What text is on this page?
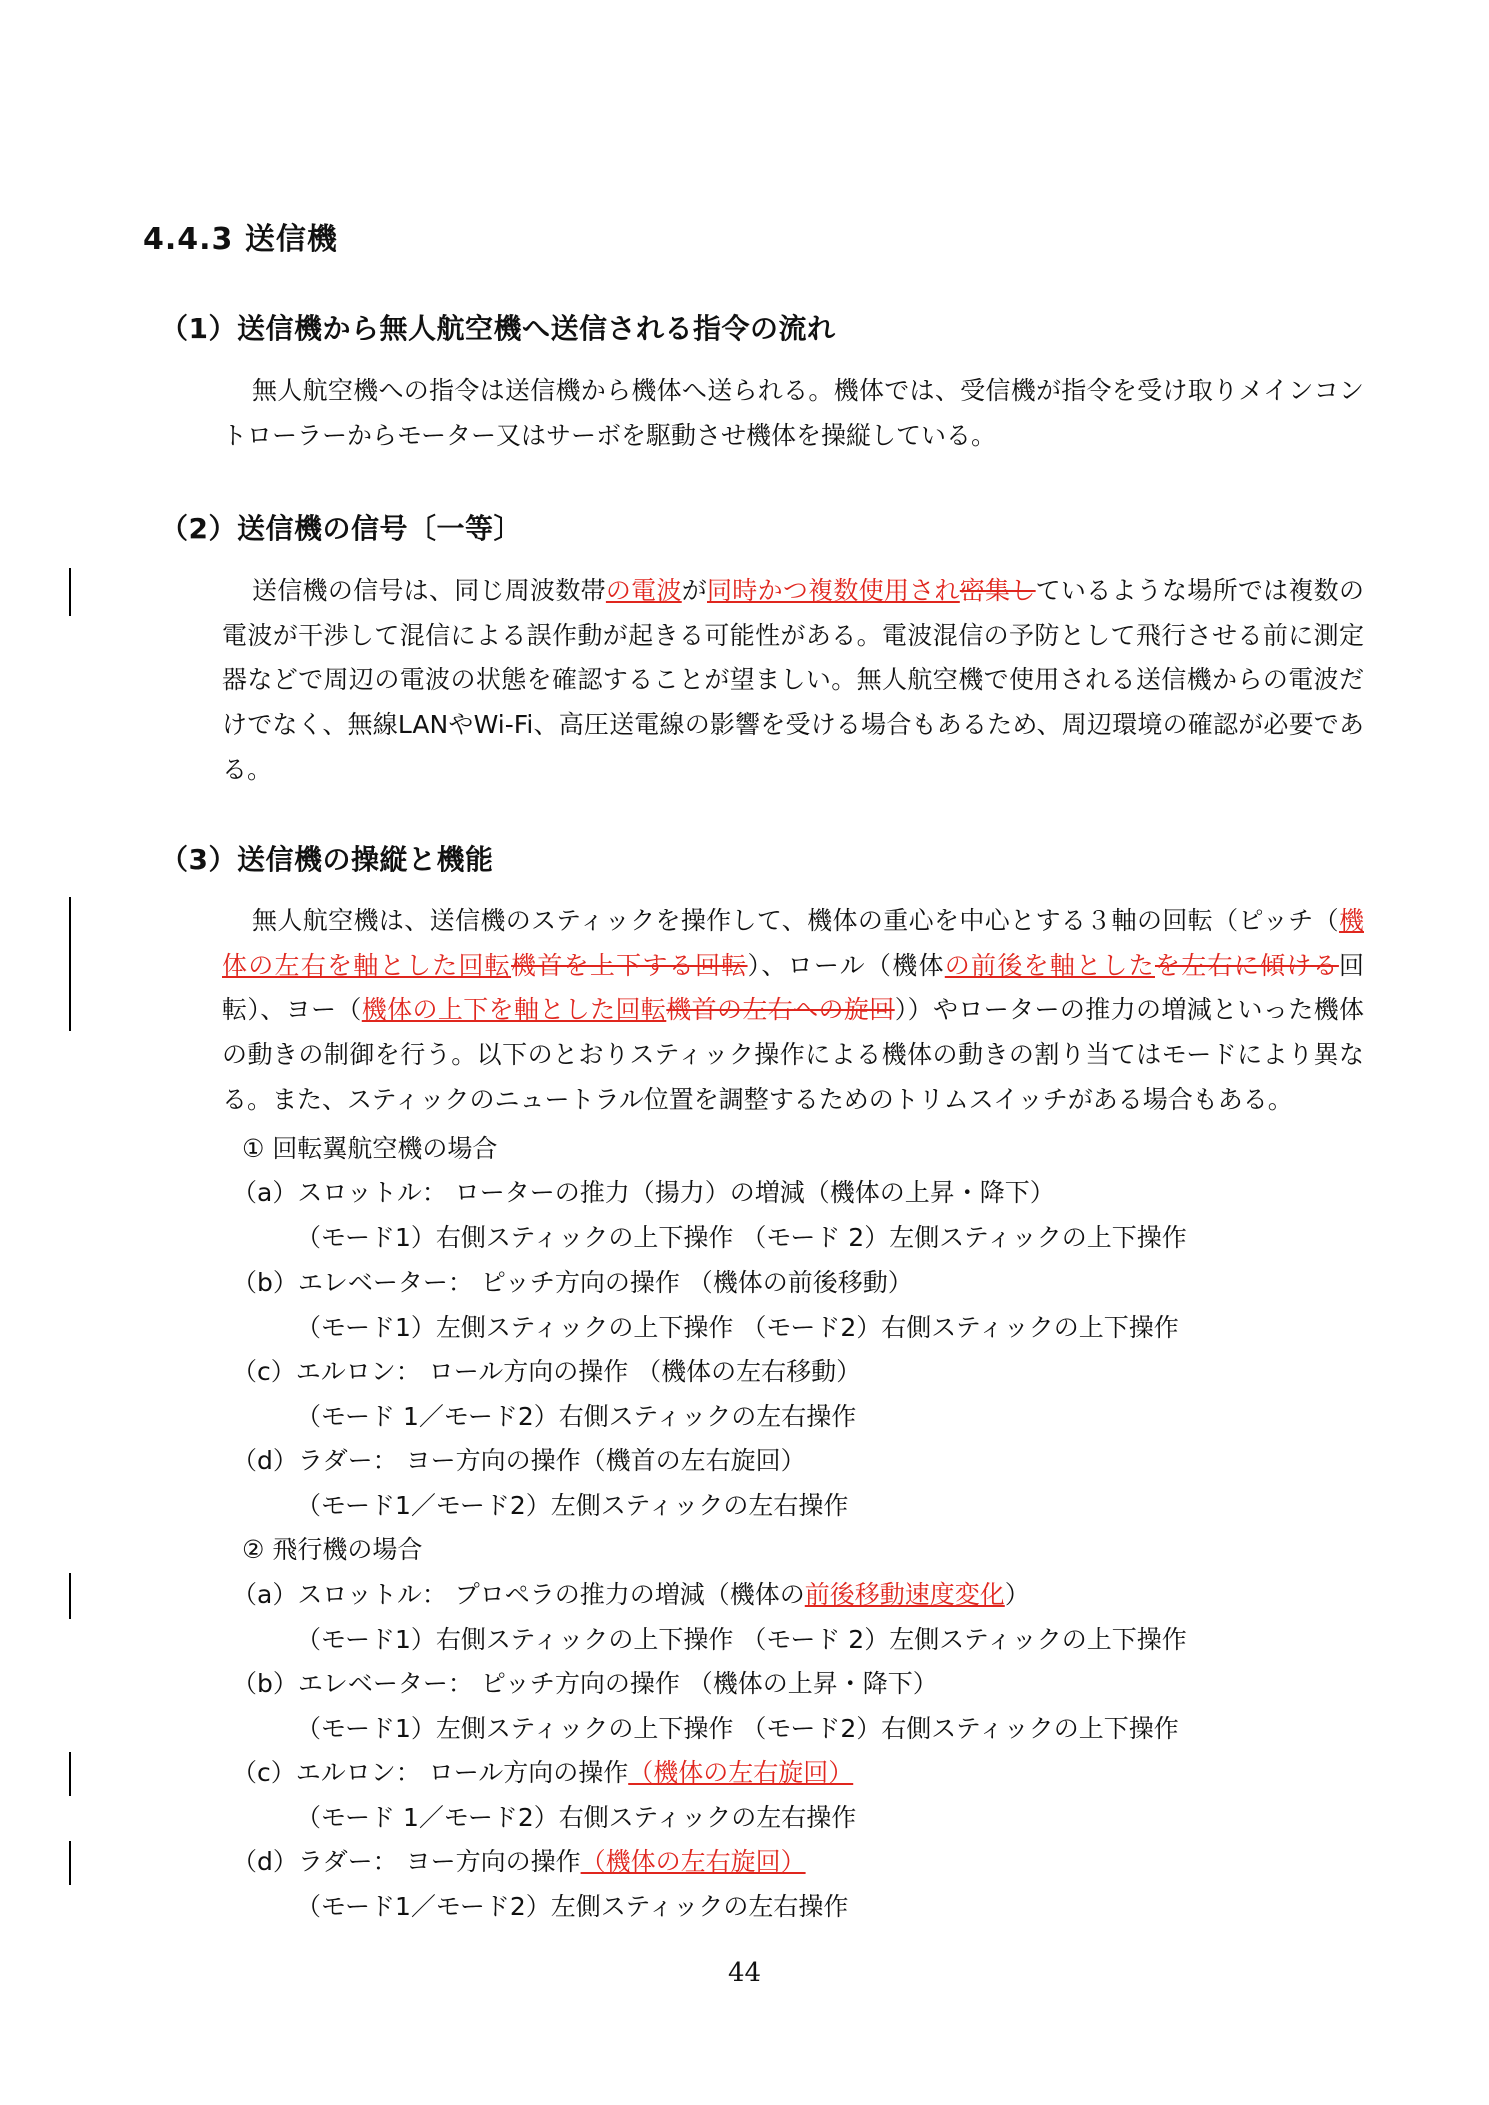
4.4.3 送信機
（1）送信機から無人航空機へ送信される指令の流れ

無人航空機への指令は送信機から機体へ送られる。機体では、受信機が指令を受け取りメインコントローラーからモーター又はサーボを駆動させ機体を操縦している。

（2）送信機の信号〔一等〕

送信機の信号は、同じ周波数帯の電波が同時かつ複数使用され密集しているような場所では複数の電波が干渉して混信による誤作動が起きる可能性がある。電波混信の予防として飛行させる前に測定器などで周辺の電波の状態を確認することが望ましい。無人航空機で使用される送信機からの電波だけでなく、無線LANやWi-Fi、高圧送電線の影響を受ける場合もあるため、周辺環境の確認が必要である。

（3）送信機の操縦と機能

無人航空機は、送信機のスティックを操作して、機体の重心を中心とする３軸の回転（ピッチ（機体の左右を軸とした回転機首を上下する回転）、ロール（機体の前後を軸としたを左右に傾ける回転）、ヨー（機体の上下を軸とした回転機首の左右への旋回））やローターの推力の増減といった機体の動きの制御を行う。以下のとおりスティック操作による機体の動きの割り当てはモードにより異なる。また、スティックのニュートラル位置を調整するためのトリムスイッチがある場合もある。

① 回転翼航空機の場合
（a）スロットル： ローターの推力（揚力）の増減（機体の上昇・降下）
（モード1）右側スティックの上下操作 （モード 2）左側スティックの上下操作
（b）エレベーター： ピッチ方向の操作 （機体の前後移動）
（モード1）左側スティックの上下操作 （モード2）右側スティックの上下操作
（c）エルロン： ロール方向の操作 （機体の左右移動）
（モード 1／モード2）右側スティックの左右操作
（d）ラダー： ヨー方向の操作（機首の左右旋回）
（モード1／モード2）左側スティックの左右操作
② 飛行機の場合
（a）スロットル： プロペラの推力の増減（機体の前後移動速度変化）
（モード1）右側スティックの上下操作 （モード 2）左側スティックの上下操作
（b）エレベーター： ピッチ方向の操作 （機体の上昇・降下）
（モード1）左側スティックの上下操作 （モード2）右側スティックの上下操作
（c）エルロン： ロール方向の操作（機体の左右旋回）
（モード 1／モード2）右側スティックの左右操作
（d）ラダー： ヨー方向の操作（機体の左右旋回）
（モード1／モード2）左側スティックの左右操作
44
